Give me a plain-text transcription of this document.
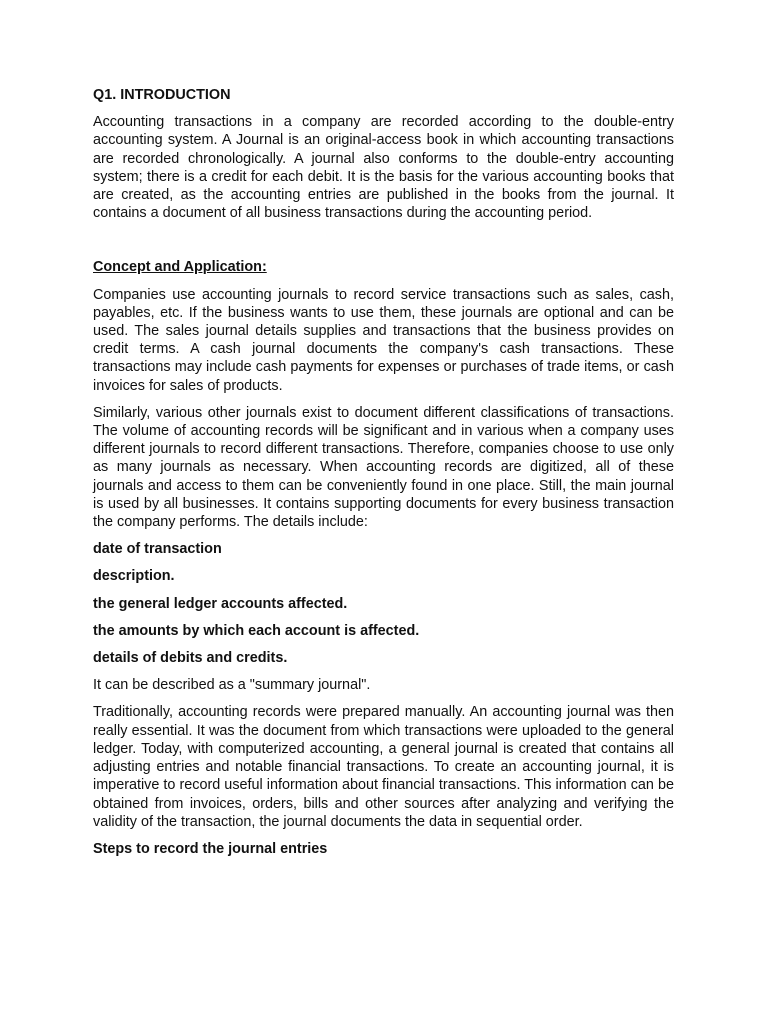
Q1. INTRODUCTION
Accounting transactions in a company are recorded according to the double-entry accounting system. A Journal is an original-access book in which accounting transactions are recorded chronologically. A journal also conforms to the double-entry accounting system; there is a credit for each debit. It is the basis for the various accounting books that are created, as the accounting entries are published in the books from the journal. It contains a document of all business transactions during the accounting period.
Concept and Application:
Companies use accounting journals to record service transactions such as sales, cash, payables, etc. If the business wants to use them, these journals are optional and can be used. The sales journal details supplies and transactions that the business provides on credit terms. A cash journal documents the company's cash transactions. These transactions may include cash payments for expenses or purchases of trade items, or cash invoices for sales of products.
Similarly, various other journals exist to document different classifications of transactions. The volume of accounting records will be significant and in various when a company uses different journals to record different transactions. Therefore, companies choose to use only as many journals as necessary. When accounting records are digitized, all of these journals and access to them can be conveniently found in one place. Still, the main journal is used by all businesses. It contains supporting documents for every business transaction the company performs. The details include:
date of transaction
description.
the general ledger accounts affected.
the amounts by which each account is affected.
details of debits and credits.
It can be described as a "summary journal".
Traditionally, accounting records were prepared manually. An accounting journal was then really essential. It was the document from which transactions were uploaded to the general ledger. Today, with computerized accounting, a general journal is created that contains all adjusting entries and notable financial transactions. To create an accounting journal, it is imperative to record useful information about financial transactions. This information can be obtained from invoices, orders, bills and other sources after analyzing and verifying the validity of the transaction, the journal documents the data in sequential order.
Steps to record the journal entries
